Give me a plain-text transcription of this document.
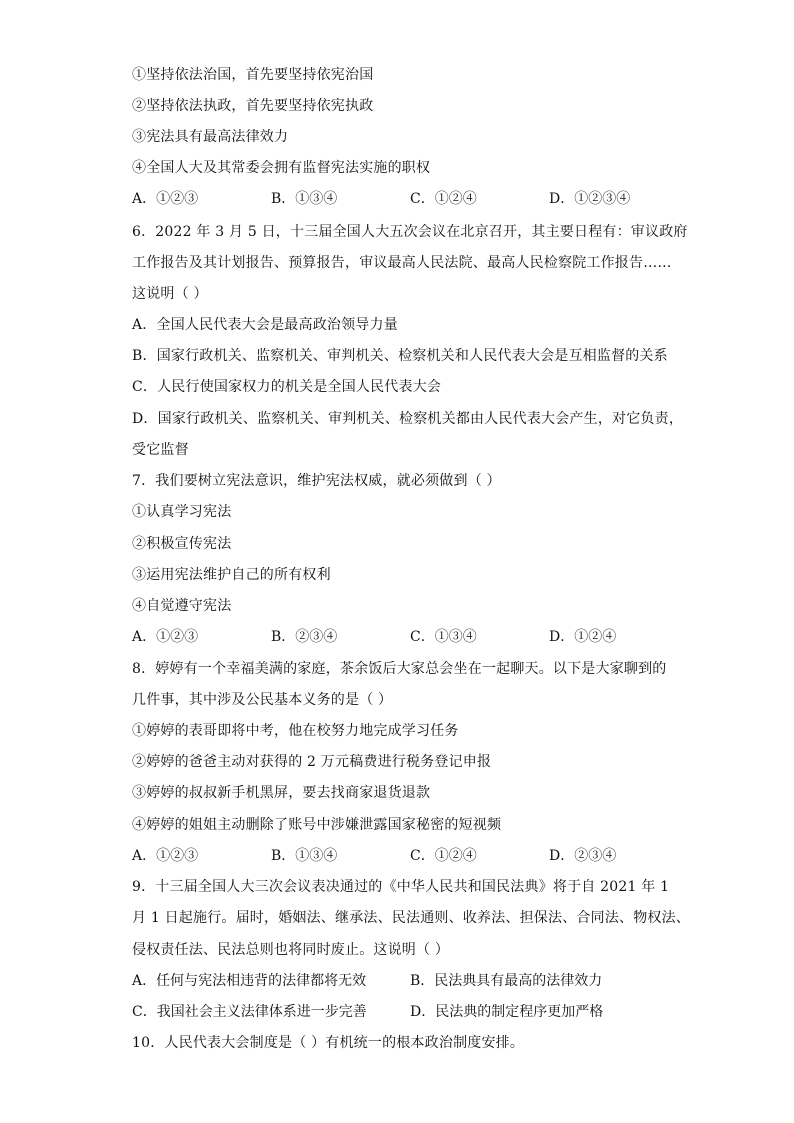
①坚持依法治国，首先要坚持依宪治国
②坚持依法执政，首先要坚持依宪执政
③宪法具有最高法律效力
④全国人大及其常委会拥有监督宪法实施的职权
A．①②③	B．①③④	C．①②④	D．①②③④
6．2022 年 3 月 5 日，十三届全国人大五次会议在北京召开，其主要日程有：审议政府
工作报告及其计划报告、预算报告，审议最高人民法院、最高人民检察院工作报告……
这说明（ ）
A．全国人民代表大会是最高政治领导力量
B．国家行政机关、监察机关、审判机关、检察机关和人民代表大会是互相监督的关系
C．人民行使国家权力的机关是全国人民代表大会
D．国家行政机关、监察机关、审判机关、检察机关都由人民代表大会产生，对它负责，
受它监督
7．我们要树立宪法意识，维护宪法权威，就必须做到（ ）
①认真学习宪法
②积极宣传宪法
③运用宪法维护自己的所有权利
④自觉遵守宪法
A．①②③	B．②③④	C．①③④	D．①②④
8．婷婷有一个幸福美满的家庭，茶余饭后大家总会坐在一起聊天。以下是大家聊到的
几件事，其中涉及公民基本义务的是（ ）
①婷婷的表哥即将中考，他在校努力地完成学习任务
②婷婷的爸爸主动对获得的 2 万元稿费进行税务登记申报
③婷婷的叔叔新手机黑屏，要去找商家退货退款
④婷婷的姐姐主动删除了账号中涉嫌泄露国家秘密的短视频
A．①②③	B．①③④	C．①②④	D．②③④
9．十三届全国人大三次会议表决通过的《中华人民共和国民法典》将于自 2021 年 1
月 1 日起施行。届时，婚姻法、继承法、民法通则、收养法、担保法、合同法、物权法、
侵权责任法、民法总则也将同时废止。这说明（ ）
A．任何与宪法相违背的法律都将无效	B．民法典具有最高的法律效力
C．我国社会主义法律体系进一步完善	D．民法典的制定程序更加严格
10．人民代表大会制度是（ ）有机统一的根本政治制度安排。
